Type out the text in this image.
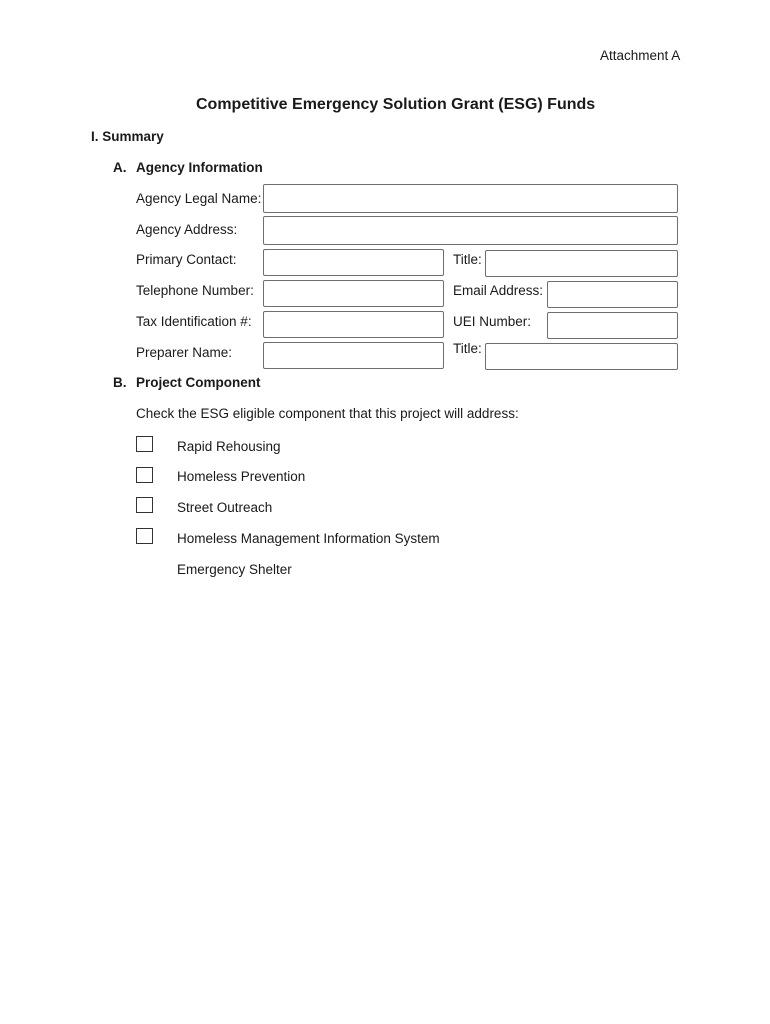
Attachment A
Competitive Emergency Solution Grant (ESG) Funds
I. Summary
A. Agency Information
Agency Legal Name:
Agency Address:
Primary Contact:	Title:
Telephone Number:	Email Address:
Tax Identification #:	UEI Number:
Preparer Name:	Title:
B. Project Component
Check the ESG eligible component that this project will address:
Rapid Rehousing
Homeless Prevention
Street Outreach
Homeless Management Information System
Emergency Shelter
